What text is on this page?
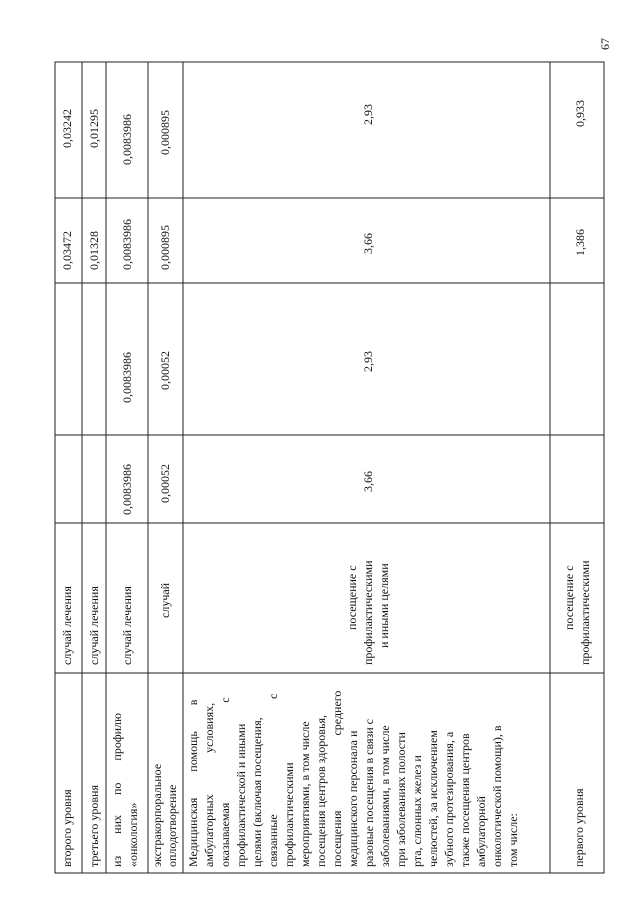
67
второго уровня
случай лечения
0,03472
0,03242
третьего уровня
случай лечения
0,01328
0,01295
изнихпопрофилю
«онкология»
случай лечения
0,0083986
0,0083986
0,0083986
0,0083986
экстракорпоральное оплодотворение
случай
0,00052
0,00052
0,000895
0,000895
Медицинскаяпомощьв
амбулаторныхусловиях,
оказываемаяс
профилактической и иными целями (включая посещения, связанныес
профилактическими мероприятиями, в том числе посещения центров здоровья, посещениясреднего
медицинского персонала и разовые посещения в связи с заболеваниями, в том числе при заболеваниях полости рта, слюнных желез и челюстей, за исключением зубного протезирования, а также посещения центров амбулаторной онкологической помощи), в том числе:
посещение с профилактическими и иными целями
3,66
2,93
3,66
2,93
первого уровня
посещение с профилактическими
1,386
0,933
